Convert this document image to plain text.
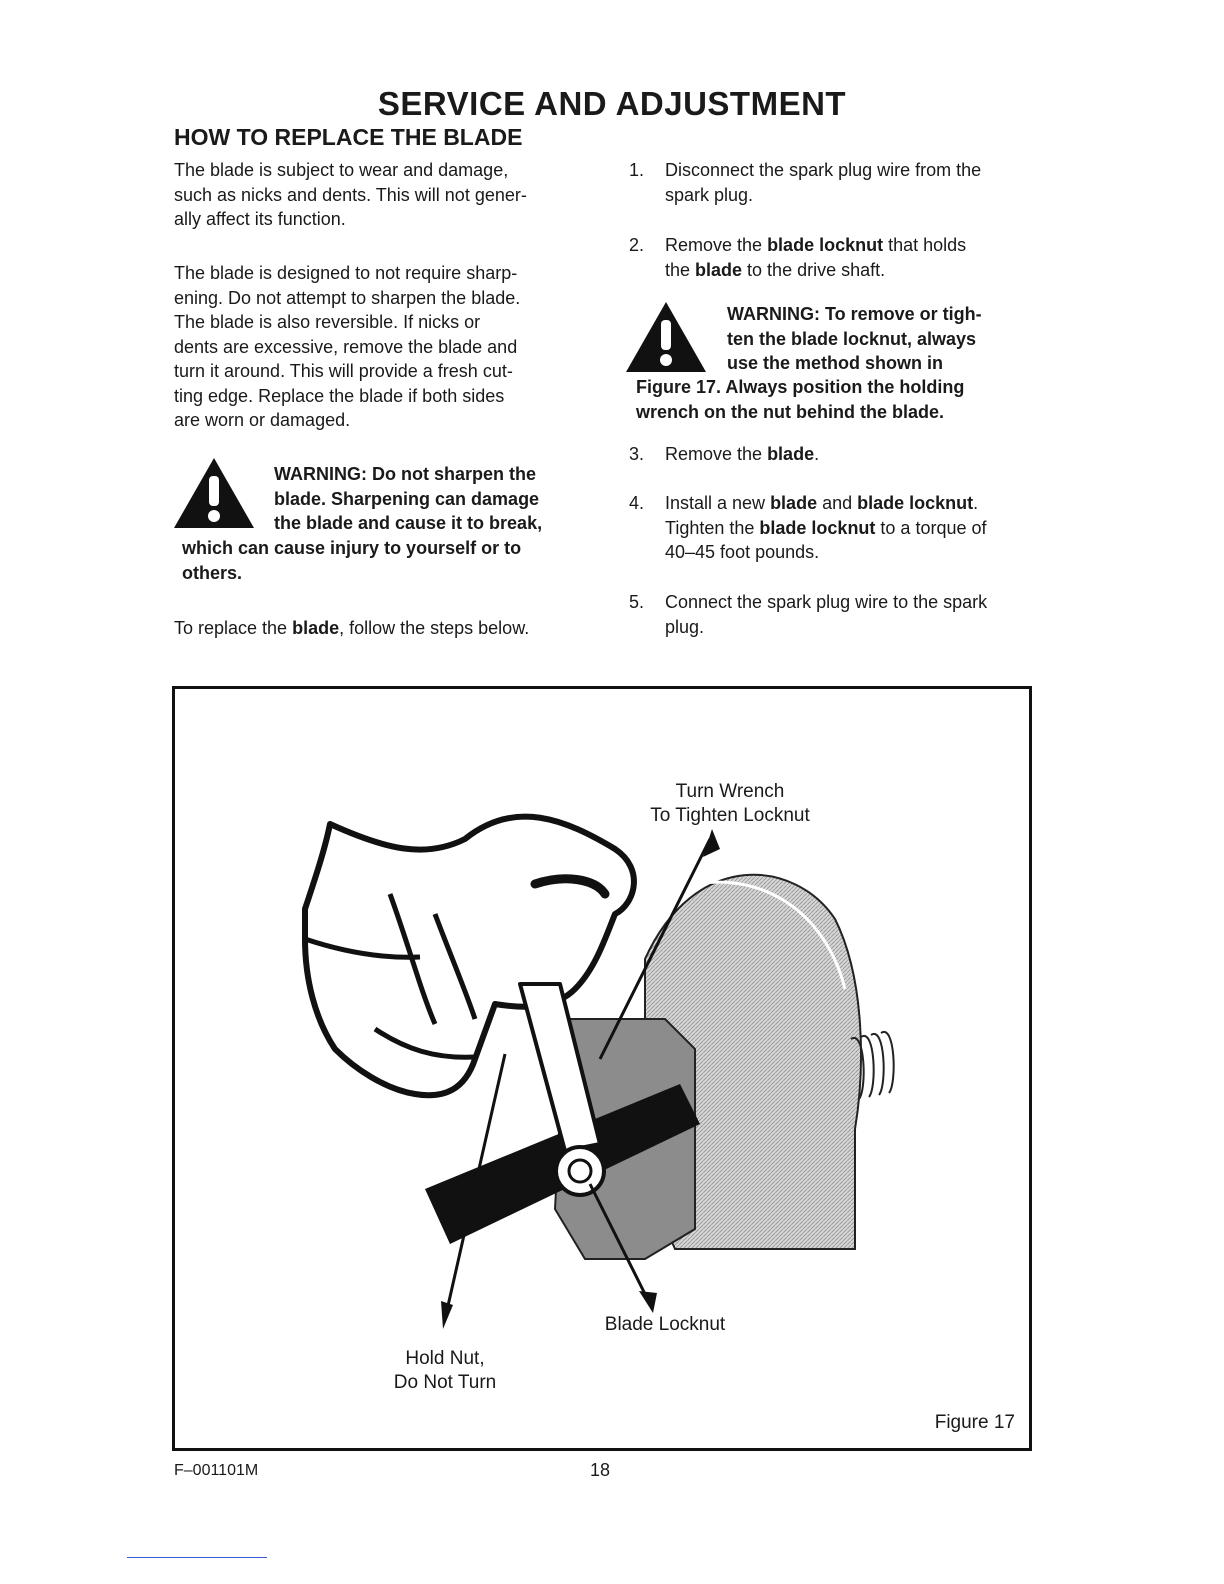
SERVICE AND ADJUSTMENT
HOW TO REPLACE THE BLADE
The blade is subject to wear and damage,
such as nicks and dents. This will not gener-
ally affect its function.
The blade is designed to not require sharp-
ening. Do not attempt to sharpen the blade.
The blade is also reversible. If nicks or
dents are excessive, remove the blade and
turn it around. This will provide a fresh cut-
ting edge. Replace the blade if both sides
are worn or damaged.
WARNING: Do not sharpen the
blade. Sharpening can damage
the blade and cause it to break,
which can cause injury to yourself or to
others.
To replace the blade, follow the steps below.
1.	Disconnect the spark plug wire from the
spark plug.
2.	Remove the blade locknut that holds
the blade to the drive shaft.
WARNING: To remove or tigh-
ten the blade locknut, always
use the method shown in
Figure 17. Always position the holding
wrench on the nut behind the blade.
3.	Remove the blade.
4.	Install a new blade and blade locknut.
Tighten the blade locknut to a torque of
40–45 foot pounds.
5.	Connect the spark plug wire to the spark
plug.
Turn Wrench
To Tighten Locknut
Blade Locknut
Hold Nut,
Do Not Turn
Figure 17
F–001101M	18
